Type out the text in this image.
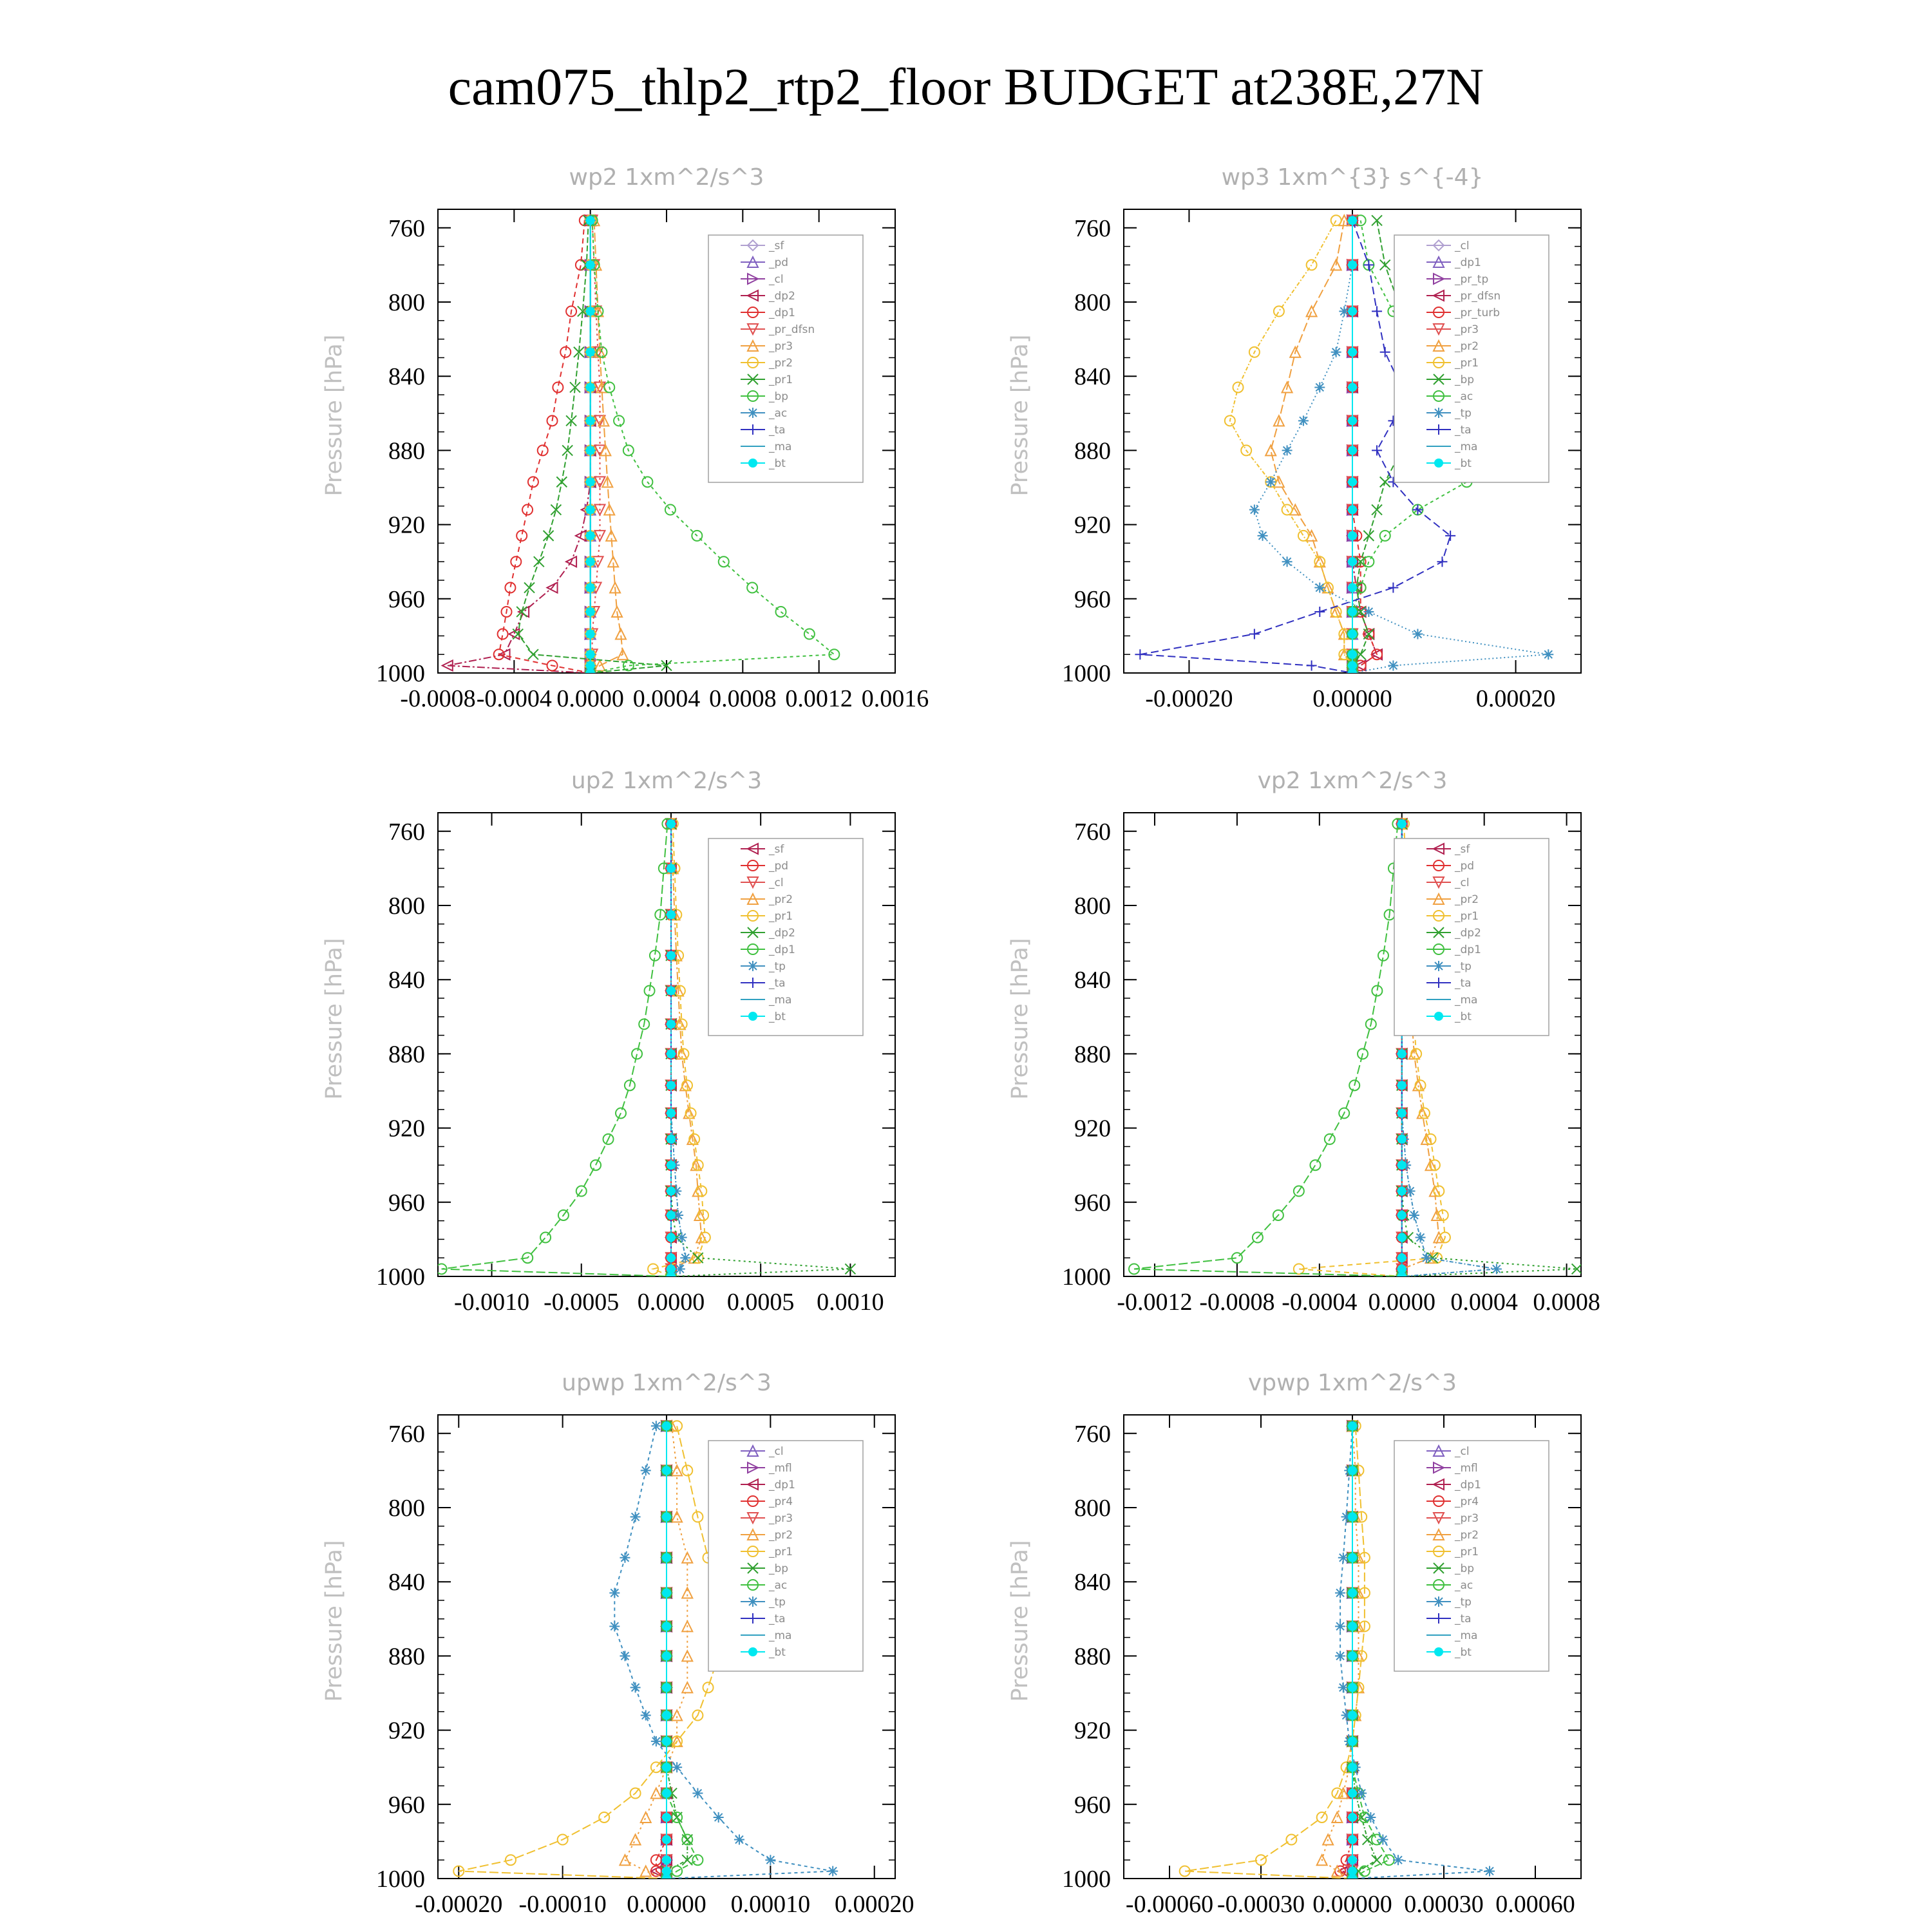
cam075_thlp2_rtp2_floor BUDGET at238E,27N
wp2 1xm^2/s^3
760
800
840
880
920
960
1000
-0.0008 -0.0004 0.0000 0.0004 0.0008 0.0012 0.0016
Pressure [hPa]
_sf
_pd
_cl
_dp2
_dp1
_pr_dfsn
_pr3
_pr2
_pr1
_bp
_ac
_ta
_ma
_bt
wp3 1xm^{3} s^{-4}
760
800
840
880
920
960
1000
-0.00020	0.00000	0.00020
Pressure [hPa]
_cl
_dp1
_pr_tp
_pr_dfsn
_pr_turb
_pr3
_pr2
_pr1
_bp
_ac
_tp
_ta
_ma
_bt
up2 1xm^2/s^3
760
800
840
880
920
960
1000
-0.0010 -0.0005 0.0000 0.0005 0.0010
Pressure [hPa]
_sf
_pd
_cl
_pr2
_pr1
_dp2
_dp1
_tp
_ta
_ma
_bt
vp2 1xm^2/s^3
760
800
840
880
920
960
1000
-0.0012 -0.0008 -0.0004 0.0000 0.0004 0.0008
Pressure [hPa]
_sf
_pd
_cl
_pr2
_pr1
_dp2
_dp1
_tp
_ta
_ma
_bt
upwp 1xm^2/s^3
760
800
840
880
920
960
1000
-0.00020 -0.00010 0.00000 0.00010 0.00020
Pressure [hPa]
_cl
_mfl
_dp1
_pr4
_pr3
_pr2
_pr1
_bp
_ac
_tp
_ta
_ma
_bt
vpwp 1xm^2/s^3
760
800
840
880
920
960
1000
-0.00060 -0.00030 0.00000 0.00030 0.00060
Pressure [hPa]
_cl
_mfl
_dp1
_pr4
_pr3
_pr2
_pr1
_bp
_ac
_tp
_ta
_ma
_bt
